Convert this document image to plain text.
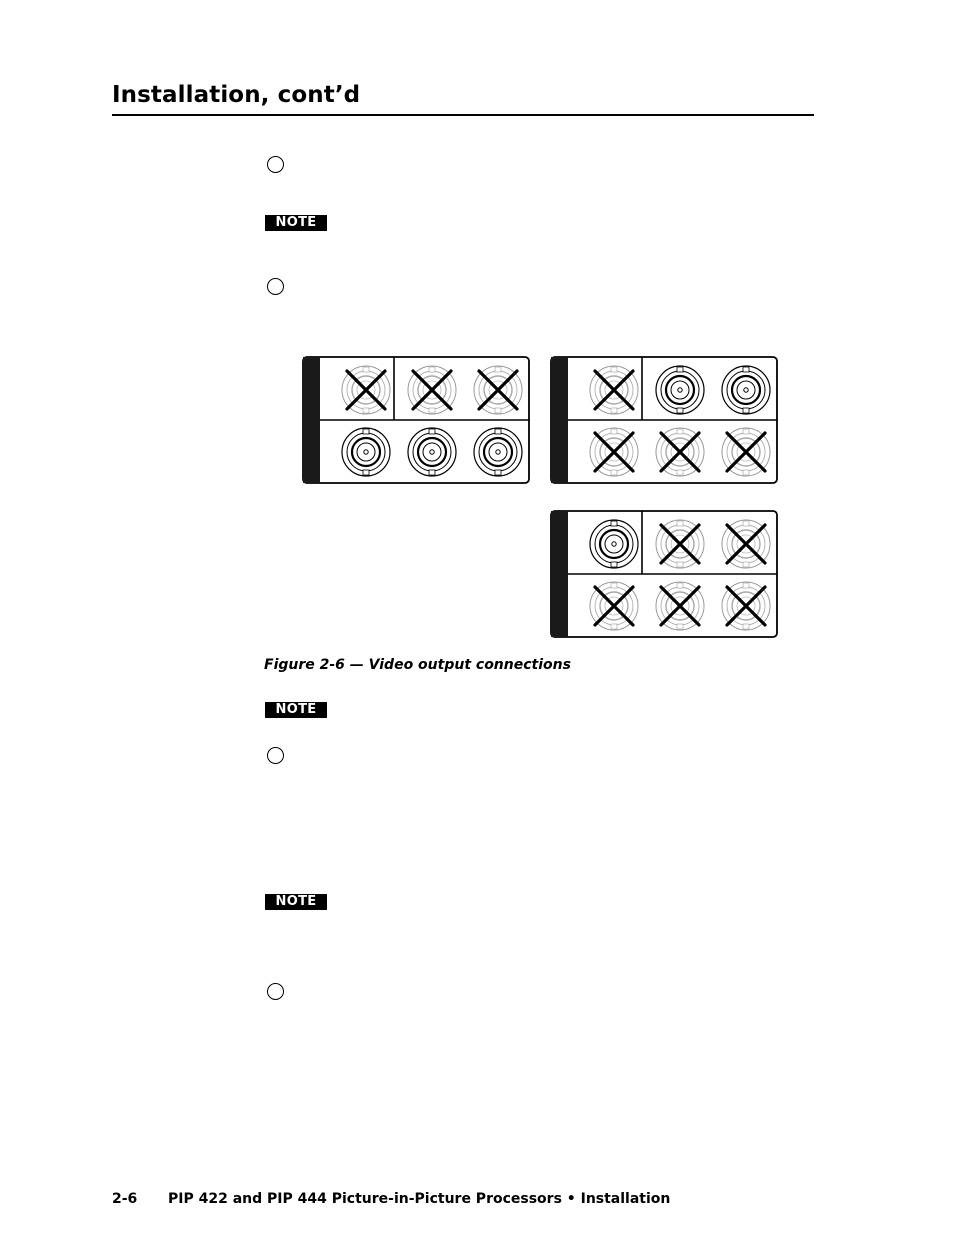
Installation, cont’d
NOTE
Figure 2-6 — Video output connections
NOTE
NOTE
2-6 PIP 422 and PIP 444 Picture-in-Picture Processors • Installation
